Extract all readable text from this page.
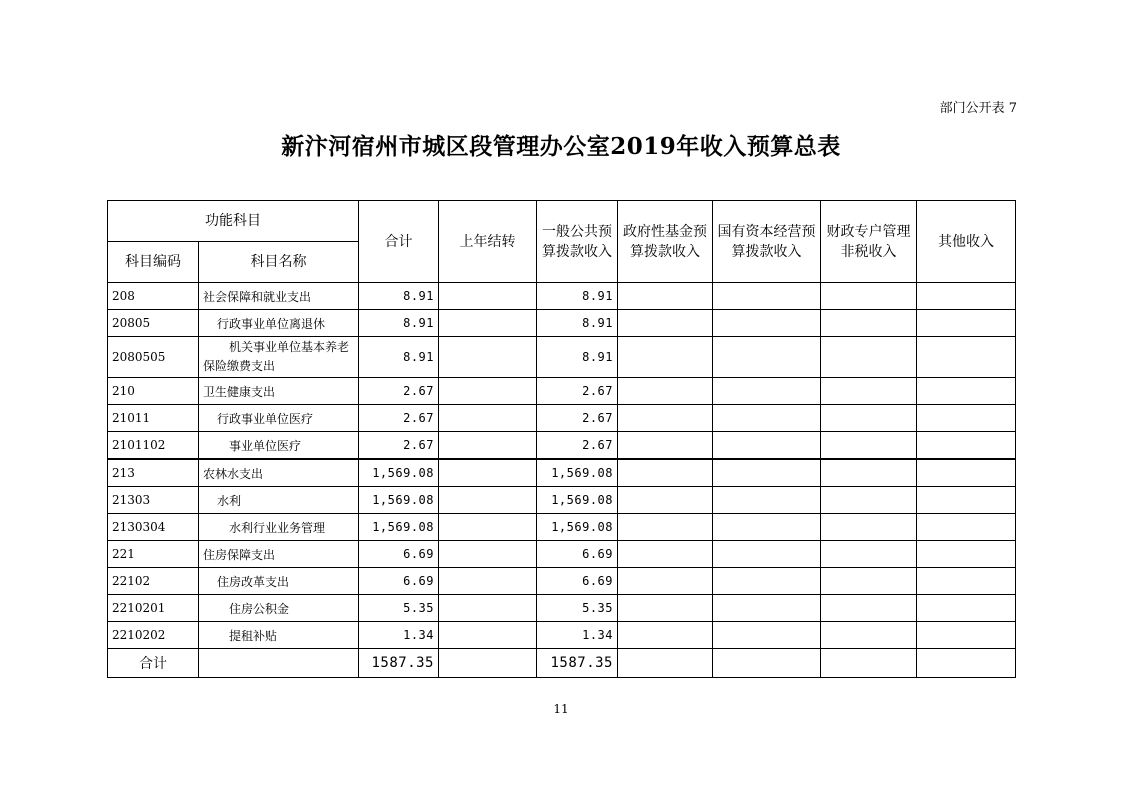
部门公开表 7
新汴河宿州市城区段管理办公室2019年收入预算总表
功能科目		合计	上年结转	一般公共预算拨款收入	政府性基金预算拨款收入	国有资本经营预算拨款收入	财政专户管理非税收入	其他收入
科目编码	科目名称							
208	社会保障和就业支出	8.91		8.91				
20805	行政事业单位离退休	8.91		8.91				
2080505	机关事业单位基本养老保险缴费支出	8.91		8.91				
210	卫生健康支出	2.67		2.67				
21011	行政事业单位医疗	2.67		2.67				
2101102	事业单位医疗	2.67		2.67				
213	农林水支出	1,569.08		1,569.08				
21303	水利	1,569.08		1,569.08				
2130304	水利行业业务管理	1,569.08		1,569.08				
221	住房保障支出	6.69		6.69				
22102	住房改革支出	6.69		6.69				
2210201	住房公积金	5.35		5.35				
2210202	提租补贴	1.34		1.34				
合计		1587.35		1587.35				
11
